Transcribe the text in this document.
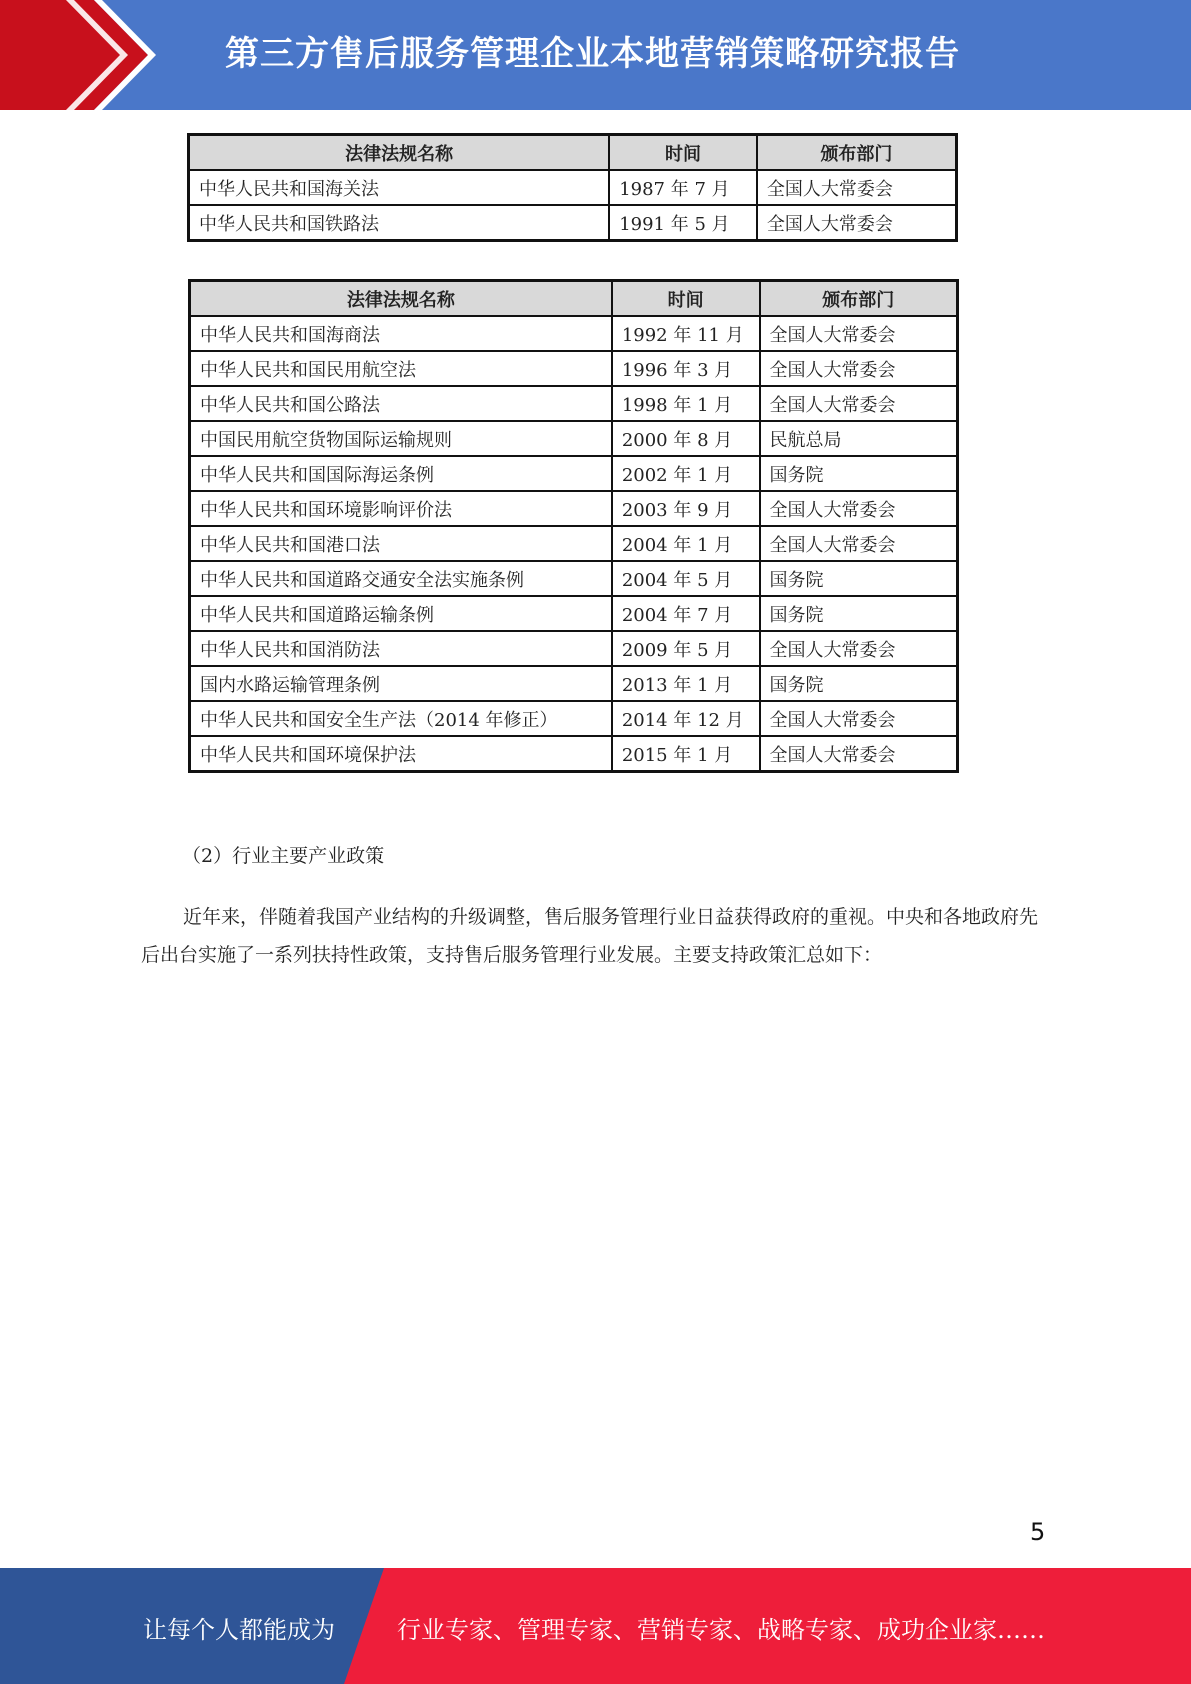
第三方售后服务管理企业本地营销策略研究报告
法律法规名称	时间	颁布部门
中华人民共和国海关法	1987 年 7 月	全国人大常委会
中华人民共和国铁路法	1991 年 5 月	全国人大常委会
法律法规名称	时间	颁布部门
中华人民共和国海商法	1992 年 11 月	全国人大常委会
中华人民共和国民用航空法	1996 年 3 月	全国人大常委会
中华人民共和国公路法	1998 年 1 月	全国人大常委会
中国民用航空货物国际运输规则	2000 年 8 月	民航总局
中华人民共和国国际海运条例	2002 年 1 月	国务院
中华人民共和国环境影响评价法	2003 年 9 月	全国人大常委会
中华人民共和国港口法	2004 年 1 月	全国人大常委会
中华人民共和国道路交通安全法实施条例	2004 年 5 月	国务院
中华人民共和国道路运输条例	2004 年 7 月	国务院
中华人民共和国消防法	2009 年 5 月	全国人大常委会
国内水路运输管理条例	2013 年 1 月	国务院
中华人民共和国安全生产法（2014 年修正）	2014 年 12 月	全国人大常委会
中华人民共和国环境保护法	2015 年 1 月	全国人大常委会
（2）行业主要产业政策
近年来，伴随着我国产业结构的升级调整，售后服务管理行业日益获得政府的重视。中央和各地政府先后出台实施了一系列扶持性政策，支持售后服务管理行业发展。主要支持政策汇总如下：
5
让每个人都能成为	行业专家、管理专家、营销专家、战略专家、成功企业家……
